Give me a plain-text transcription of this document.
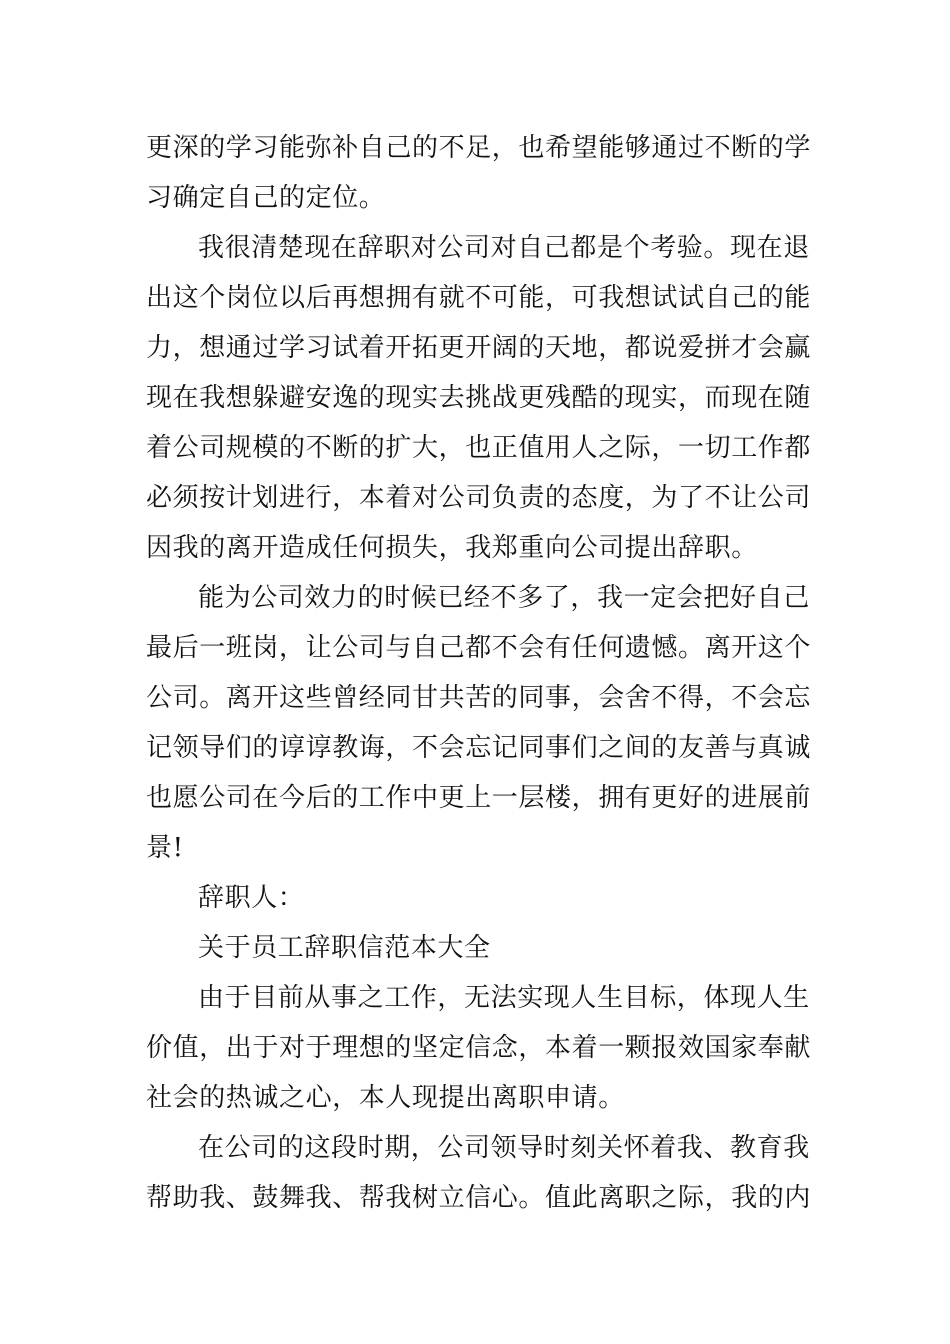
更深的学习能弥补自己的不足，也希望能够通过不断的学
习确定自己的定位。
我很清楚现在辞职对公司对自己都是个考验。现在退
出这个岗位以后再想拥有就不可能，可我想试试自己的能
力，想通过学习试着开拓更开阔的天地，都说爱拼才会赢
现在我想躲避安逸的现实去挑战更残酷的现实，而现在随
着公司规模的不断的扩大，也正值用人之际，一切工作都
必须按计划进行，本着对公司负责的态度，为了不让公司
因我的离开造成任何损失，我郑重向公司提出辞职。
能为公司效力的时候已经不多了，我一定会把好自己
最后一班岗，让公司与自己都不会有任何遗憾。离开这个
公司。离开这些曾经同甘共苦的同事，会舍不得，不会忘
记领导们的谆谆教诲，不会忘记同事们之间的友善与真诚
也愿公司在今后的工作中更上一层楼，拥有更好的进展前
景!
辞职人：
关于员工辞职信范本大全
由于目前从事之工作，无法实现人生目标，体现人生
价值，出于对于理想的坚定信念，本着一颗报效国家奉献
社会的热诚之心，本人现提出离职申请。
在公司的这段时期，公司领导时刻关怀着我、教育我
帮助我、鼓舞我、帮我树立信心。值此离职之际，我的内
